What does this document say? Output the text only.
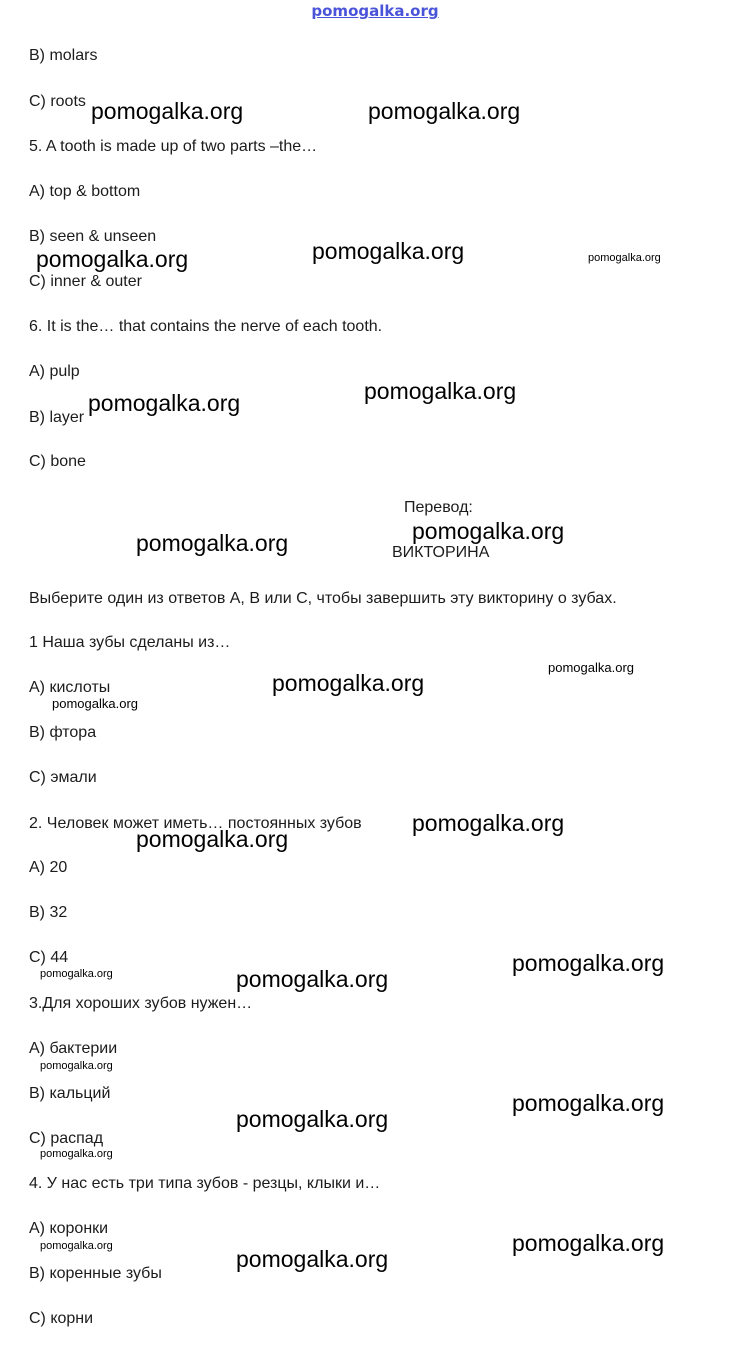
pomogalka.org
B) molars
C) roots
5. A tooth is made up of two parts –the…
A) top & bottom
B) seen & unseen
C) inner & outer
6. It is the… that contains the nerve of each tooth.
A) pulp
B) layer
C) bone
Перевод:
ВИКТОРИНА
Выберите один из ответов A, B или C, чтобы завершить эту викторину о зубах.
1 Наша зубы сделаны из…
A) кислоты
B) фтора
C) эмали
2. Человек может иметь… постоянных зубов
A) 20
B) 32
C) 44
3.Для хороших зубов нужен…
A) бактерии
B) кальций
C) распад
4. У нас есть три типа зубов - резцы, клыки и…
A) коронки
B) коренные зубы
C) корни
pomogalka.org	pomogalka.org
pomogalka.org
pomogalka.org	pomogalka.org
pomogalka.org
pomogalka.org
pomogalka.org
pomogalka.org
pomogalka.org
pomogalka.org
pomogalka.org
pomogalka.org
pomogalka.org
pomogalka.org
pomogalka.org	pomogalka.org
pomogalka.org
pomogalka.org
pomogalka.org
pomogalka.org
pomogalka.org	pomogalka.org
pomogalka.org
